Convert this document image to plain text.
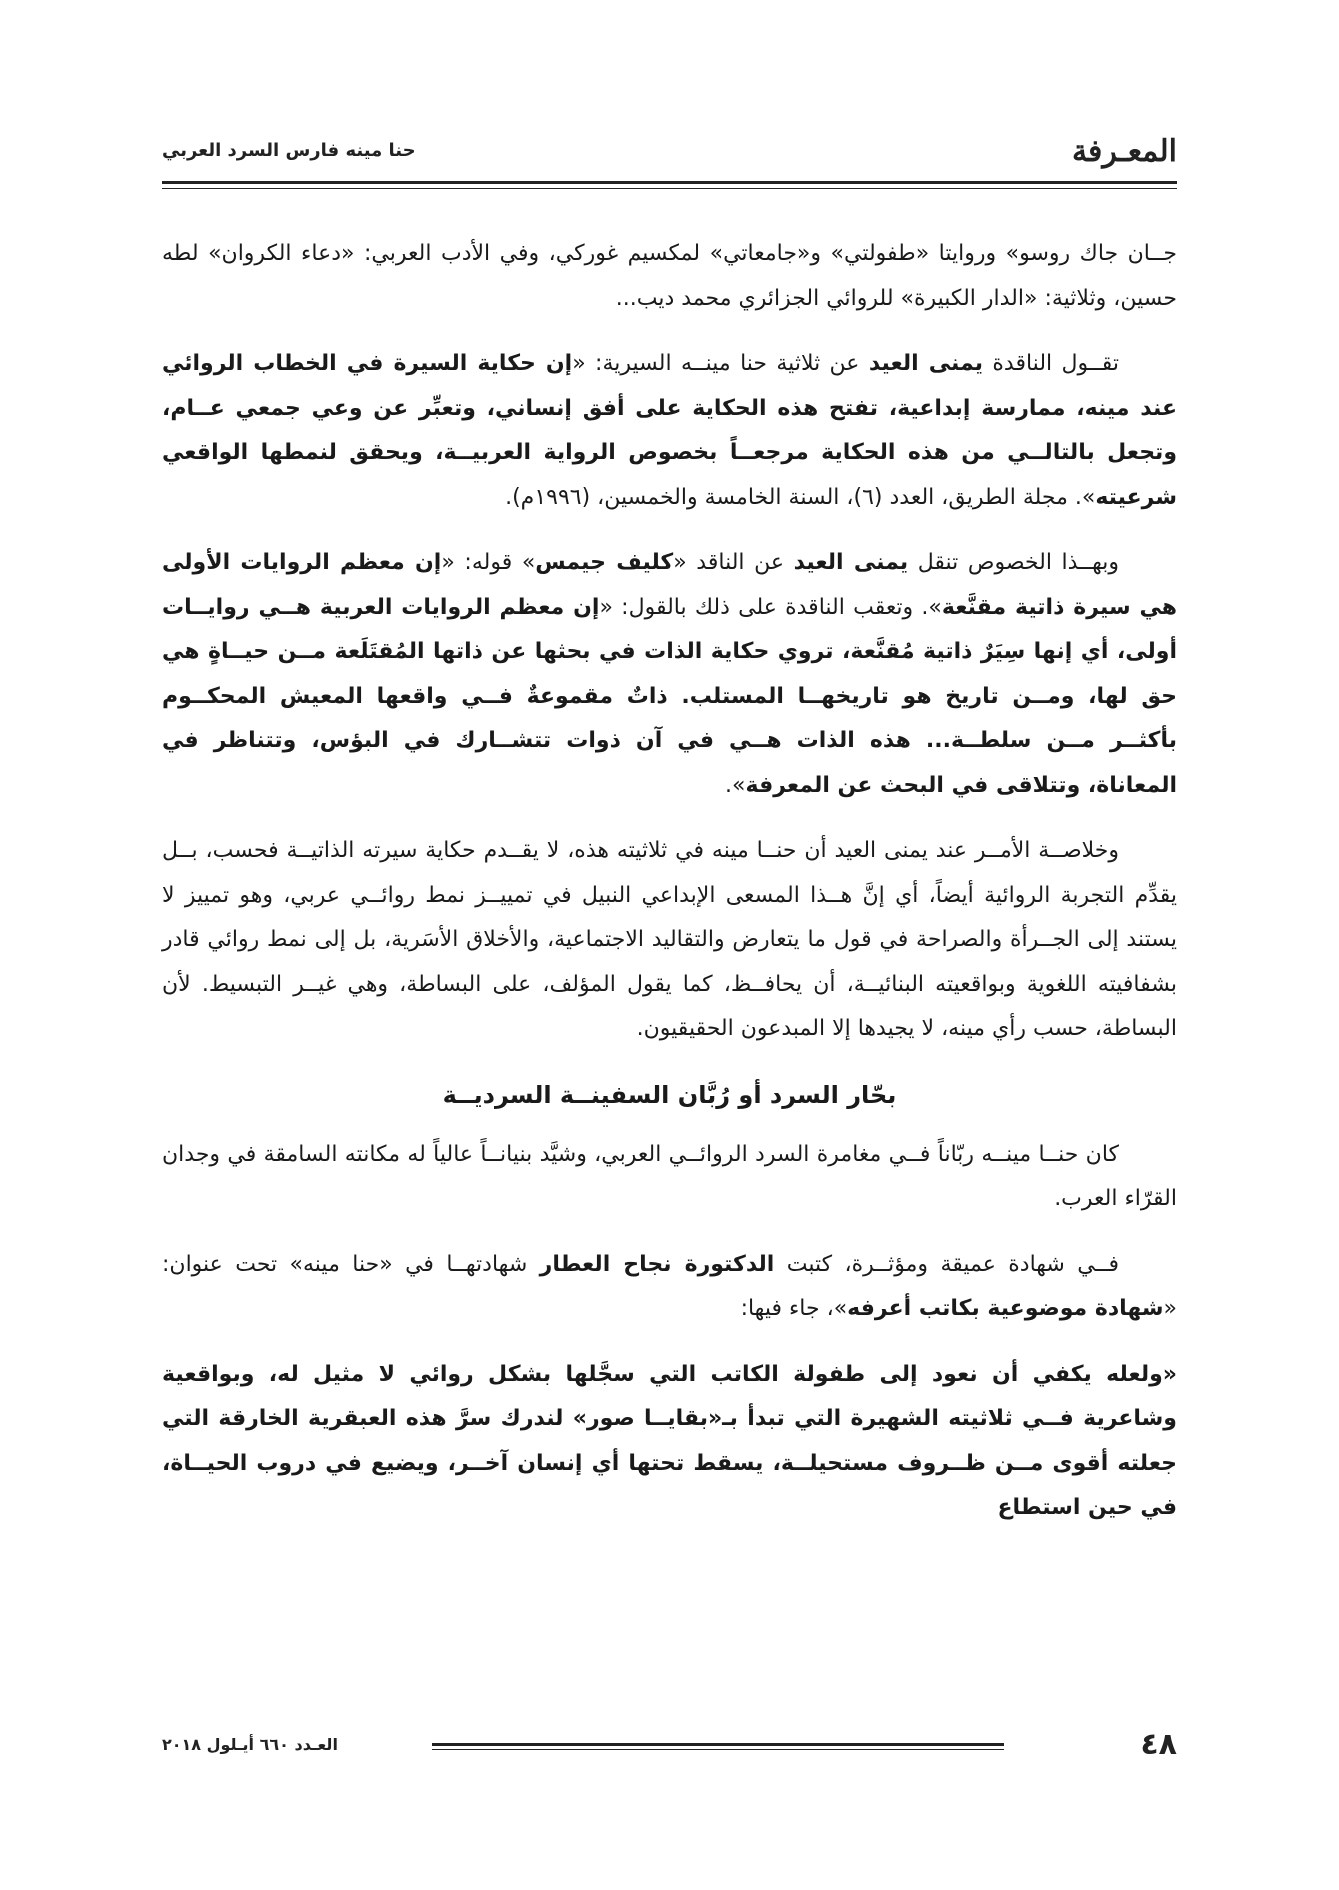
المعـرفة
حنا مينه فارس السرد العربي

جــان جاك روسو» وروايتا «طفولتي» و«جامعاتي» لمكسيم غوركي، وفي الأدب العربي: «دعاء الكروان» لطه حسين، وثلاثية: «الدار الكبيرة» للروائي الجزائري محمد ديب...

تقــول الناقدة يمنى العيد عن ثلاثية حنا مينــه السيرية: «إن حكاية السيرة في الخطاب الروائي عند مينه، ممارسة إبداعية، تفتح هذه الحكاية على أفق إنساني، وتعبِّر عن وعي جمعي عــام، وتجعل بالتالــي من هذه الحكاية مرجعــاً بخصوص الرواية العربيــة، ويحقق لنمطها الواقعي شرعيته». مجلة الطريق، العدد (٦)، السنة الخامسة والخمسين، (١٩٩٦م).

وبهــذا الخصوص تنقل يمنى العيد عن الناقد «كليف جيمس» قوله: «إن معظم الروايات الأولى هي سيرة ذاتية مقنَّعة». وتعقب الناقدة على ذلك بالقول: «إن معظم الروايات العربية هــي روايــات أولى، أي إنها سِيَرٌ ذاتية مُقنَّعة، تروي حكاية الذات في بحثها عن ذاتها المُقتَلَعة مــن حيــاةٍ هي حق لها، ومــن تاريخ هو تاريخهــا المستلب. ذاتٌ مقموعةٌ فــي واقعها المعيش المحكــوم بأكثــر مــن سلطــة... هذه الذات هــي في آن ذوات تتشــارك في البؤس، وتتناظر في المعاناة، وتتلاقى في البحث عن المعرفة».

وخلاصــة الأمــر عند يمنى العيد أن حنــا مينه في ثلاثيته هذه، لا يقــدم حكاية سيرته الذاتيــة فحسب، بــل يقدِّم التجربة الروائية أيضاً، أي إنَّ هــذا المسعى الإبداعي النبيل في تمييــز نمط روائــي عربي، وهو تمييز لا يستند إلى الجــرأة والصراحة في قول ما يتعارض والتقاليد الاجتماعية، والأخلاق الأسَرية، بل إلى نمط روائي قادر بشفافيته اللغوية وبواقعيته البنائيــة، أن يحافــظ، كما يقول المؤلف، على البساطة، وهي غيــر التبسيط. لأن البساطة، حسب رأي مينه، لا يجيدها إلا المبدعون الحقيقيون.

بحّار السرد أو رُبَّان السفينــة السرديــة

كان حنــا مينــه ربّاناً فــي مغامرة السرد الروائــي العربي، وشيَّد بنيانــاً عالياً له مكانته السامقة في وجدان القرّاء العرب.

فــي شهادة عميقة ومؤثــرة، كتبت الدكتورة نجاح العطار شهادتهــا في «حنا مينه» تحت عنوان: «شهادة موضوعية بكاتب أعرفه»، جاء فيها:

«ولعله يكفي أن نعود إلى طفولة الكاتب التي سجَّلها بشكل روائي لا مثيل له، وبواقعية وشاعرية فــي ثلاثيته الشهيرة التي تبدأ بـ«بقايــا صور» لندرك سرَّ هذه العبقرية الخارقة التي جعلته أقوى مــن ظــروف مستحيلــة، يسقط تحتها أي إنسان آخــر، ويضيع في دروب الحيــاة، في حين استطاع

٤٨
العـدد ٦٦٠ أيـلول ٢٠١٨
